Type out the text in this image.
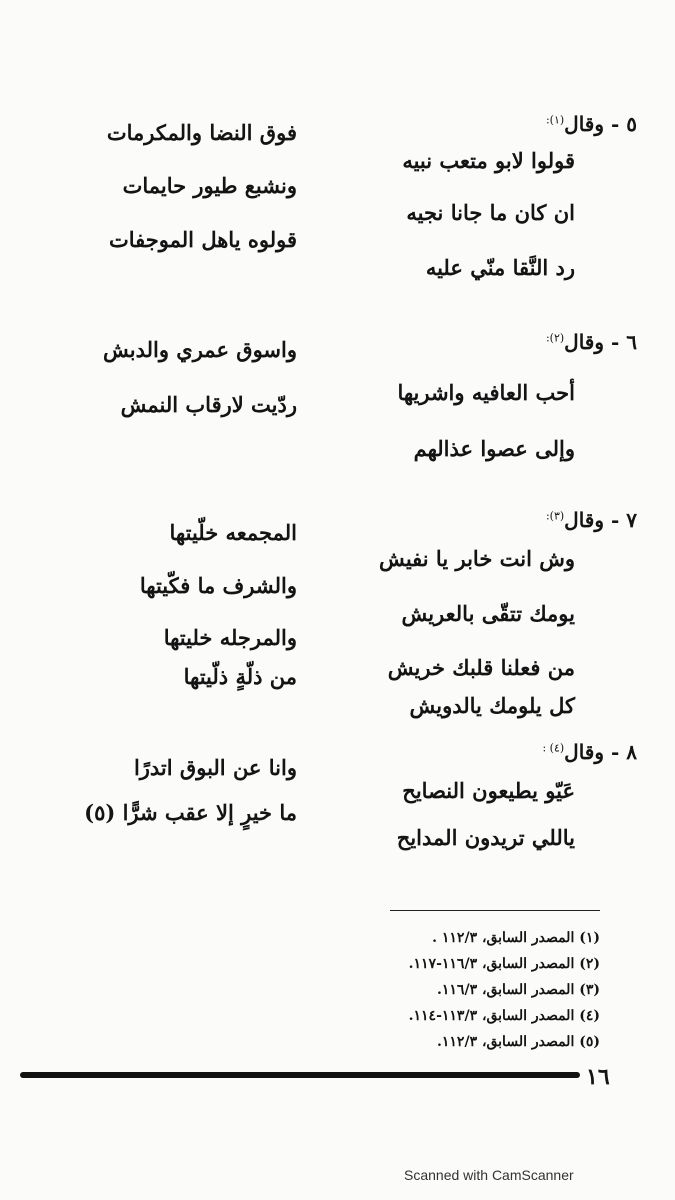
٥ - وقال$^{(١):}$
قولوا لابو متعب نبيه
فوق النضا والمكرمات
ان كان ما جانا نجيه
ونشبع طيور حايمات
رد النَّقا منّي عليه
قولوه ياهل الموجفات
٦ - وقال$^{(٢):}$
أحب العافيه واشريها
واسوق عمري والدبش
وإلى عصوا عذالهم
ردّيت لارقاب النمش
٧ - وقال$^{(٣):}$
وش انت خابر يا نفيش
المجمعه خلّيتها
يومك تتقّى بالعريش
والشرف ما فكّيتها
من فعلنا قلبك خريش
والمرجله خليتها
كل يلومك يالدويش
من ذلّةٍ ذلّيتها
٨ - وقال$^{(٤) :}$
عَيّو يطيعون النصايح
وانا عن البوق اتدرًا
ياللي تريدون المدايح
ما خيرٍ إلا عقب شرًّا (٥)
(١) المصدر السابق، ١١٢/٣ .
(٢) المصدر السابق، ١١٦/٣-١١٧.
(٣) المصدر السابق، ١١٦/٣.
(٤) المصدر السابق، ١١٣/٣-١١٤.
(٥) المصدر السابق، ١١٢/٣.
١٦
Scanned with CamScanner
